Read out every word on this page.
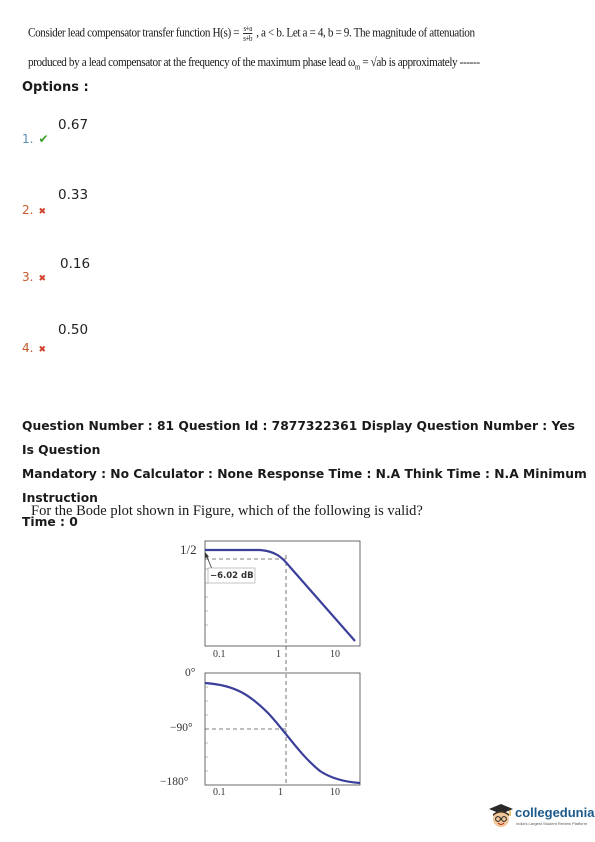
Consider lead compensator transfer function $H(s) = \frac{s+a}{s+b}$ , a < b. Let a = 4, b = 9. The magnitude of attenuation
produced by a lead compensator at the frequency of the maximum phase lead $\omega_m = √ab$ is approximately ------
Options :
0.67
1. ✔
0.33
2. ✖
0.16
3. ✖
0.50
4. ✖
Question Number : 81 Question Id : 7877322361 Display Question Number : Yes Is Question
Mandatory : No Calculator : None Response Time : N.A Think Time : N.A Minimum Instruction
Time : 0
For the Bode plot shown in Figure, which of the following is valid?
1/2
−6.02 dB
0.1	1	10
0°
−90°
−180°
0.1	1	10
collegedunia
India's Largest Student Review Platform
